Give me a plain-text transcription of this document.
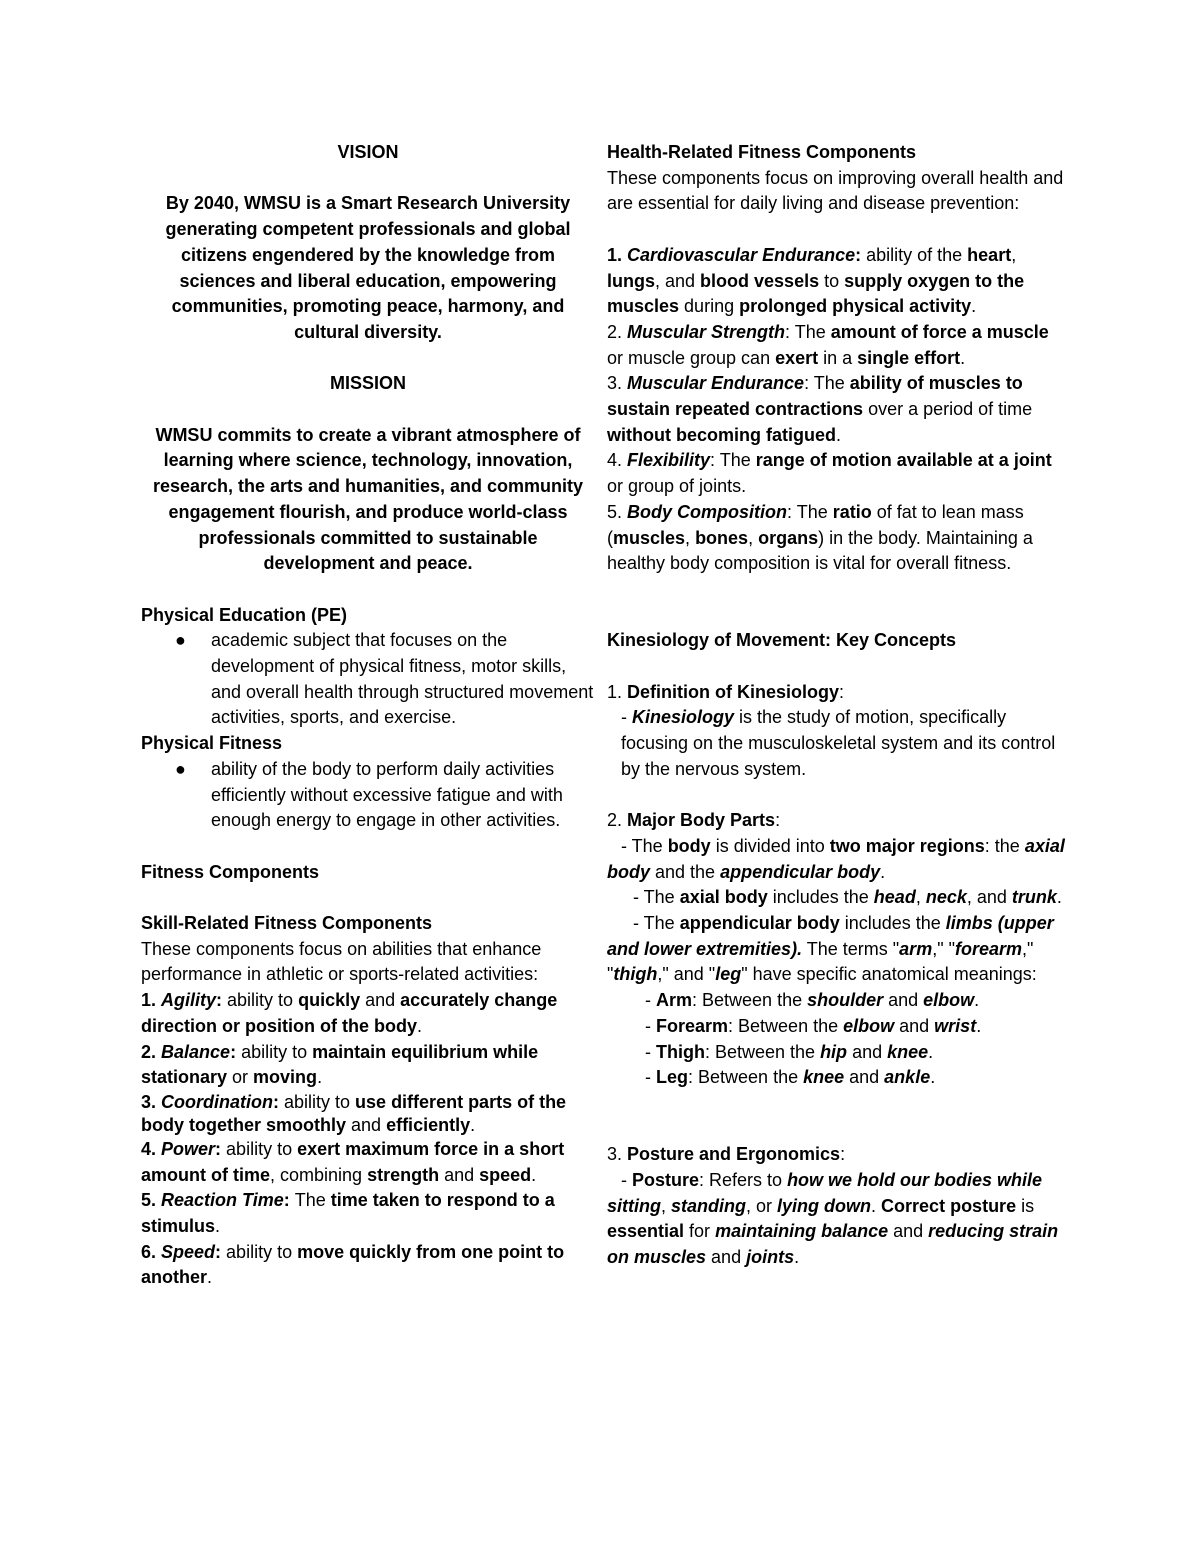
VISION

By 2040, WMSU is a Smart Research University generating competent professionals and global citizens engendered by the knowledge from sciences and liberal education, empowering communities, promoting peace, harmony, and cultural diversity.

MISSION

WMSU commits to create a vibrant atmosphere of learning where science, technology, innovation, research, the arts and humanities, and community engagement flourish, and produce world-class professionals committed to sustainable development and peace.

Physical Education (PE)

● academic subject that focuses on the development of physical fitness, motor skills, and overall health through structured movement activities, sports, and exercise.

Physical Fitness

● ability of the body to perform daily activities efficiently without excessive fatigue and with enough energy to engage in other activities.

Fitness Components

Skill-Related Fitness Components

These components focus on abilities that enhance performance in athletic or sports-related activities:

1. Agility: ability to quickly and accurately change direction or position of the body.

2. Balance: ability to maintain equilibrium while stationary or moving.

3. Coordination: ability to use different parts of the body together smoothly and efficiently.

4. Power: ability to exert maximum force in a short amount of time, combining strength and speed.

5. Reaction Time: The time taken to respond to a stimulus.

6. Speed: ability to move quickly from one point to another.

Health-Related Fitness Components

These components focus on improving overall health and are essential for daily living and disease prevention:

1. Cardiovascular Endurance: ability of the heart, lungs, and blood vessels to supply oxygen to the muscles during prolonged physical activity.

2. Muscular Strength: The amount of force a muscle or muscle group can exert in a single effort.

3. Muscular Endurance: The ability of muscles to sustain repeated contractions over a period of time without becoming fatigued.

4. Flexibility: The range of motion available at a joint or group of joints.

5. Body Composition: The ratio of fat to lean mass (muscles, bones, organs) in the body. Maintaining a healthy body composition is vital for overall fitness.

Kinesiology of Movement: Key Concepts

1. Definition of Kinesiology:

- Kinesiology is the study of motion, specifically focusing on the musculoskeletal system and its control by the nervous system.

2. Major Body Parts:

- The body is divided into two major regions: the axial body and the appendicular body.

- The axial body includes the head, neck, and trunk.

- The appendicular body includes the limbs (upper and lower extremities). The terms "arm," "forearm," "thigh," and "leg" have specific anatomical meanings:

- Arm: Between the shoulder and elbow.

- Forearm: Between the elbow and wrist.

- Thigh: Between the hip and knee.

- Leg: Between the knee and ankle.

3. Posture and Ergonomics:

- Posture: Refers to how we hold our bodies while sitting, standing, or lying down. Correct posture is essential for maintaining balance and reducing strain on muscles and joints.
